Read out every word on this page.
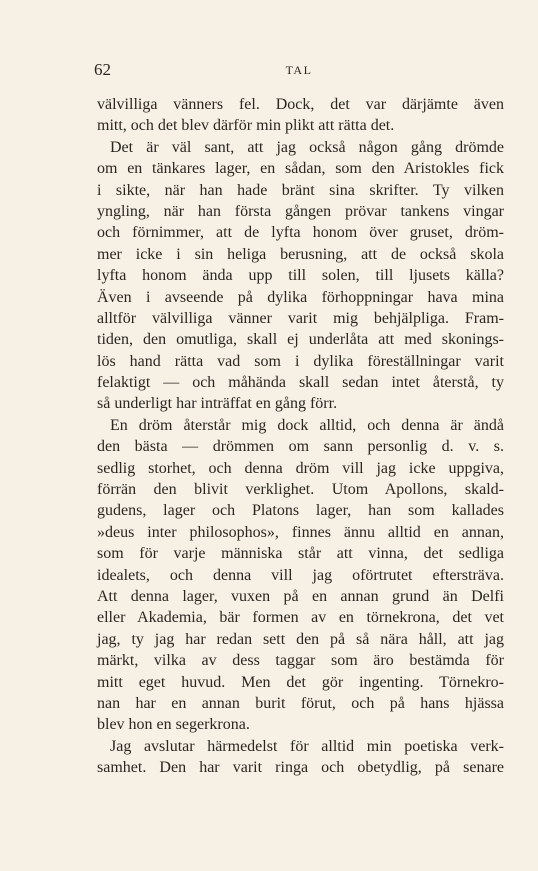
62	TAL
välvilliga vänners fel. Dock, det var därjämte även
mitt, och det blev därför min plikt att rätta det.
Det är väl sant, att jag också någon gång drömde
om en tänkares lager, en sådan, som den Aristokles fick
i sikte, när han hade bränt sina skrifter. Ty vilken
yngling, när han första gången prövar tankens vingar
och förnimmer, att de lyfta honom över gruset, dröm-
mer icke i sin heliga berusning, att de också skola
lyfta honom ända upp till solen, till ljusets källa?
Även i avseende på dylika förhoppningar hava mina
alltför välvilliga vänner varit mig behjälpliga. Fram-
tiden, den omutliga, skall ej underlåta att med skonings-
lös hand rätta vad som i dylika föreställningar varit
felaktigt — och måhända skall sedan intet återstå, ty
så underligt har inträffat en gång förr.
En dröm återstår mig dock alltid, och denna är ändå
den bästa — drömmen om sann personlig d. v. s.
sedlig storhet, och denna dröm vill jag icke uppgiva,
förrän den blivit verklighet. Utom Apollons, skald-
gudens, lager och Platons lager, han som kallades
»deus inter philosophos», finnes ännu alltid en annan,
som för varje människa står att vinna, det sedliga
idealets, och denna vill jag oförtrutet eftersträva.
Att denna lager, vuxen på en annan grund än Delfi
eller Akademia, bär formen av en törnekrona, det vet
jag, ty jag har redan sett den på så nära håll, att jag
märkt, vilka av dess taggar som äro bestämda för
mitt eget huvud. Men det gör ingenting. Törnekro-
nan har en annan burit förut, och på hans hjässa
blev hon en segerkrona.
Jag avslutar härmedelst för alltid min poetiska verk-
samhet. Den har varit ringa och obetydlig, på senare
